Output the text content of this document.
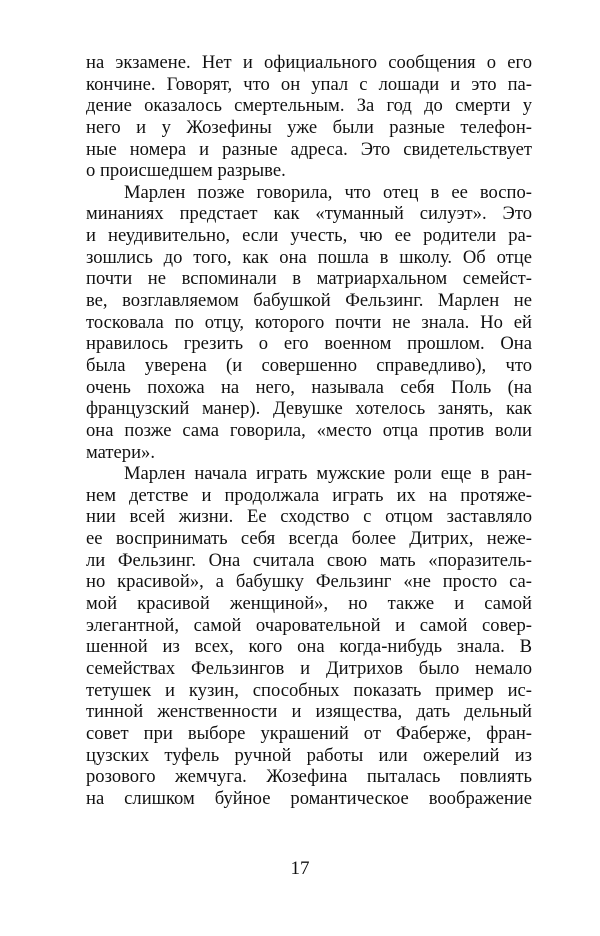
на экзамене. Нет и официального сообщения о его
кончине. Говорят, что он упал с лошади и это па-
дение оказалось смертельным. За год до смерти у
него и у Жозефины уже были разные телефон-
ные номера и разные адреса. Это свидетельствует
о происшедшем разрыве.
Марлен позже говорила, что отец в ее воспо-
минаниях предстает как «туманный силуэт». Это
и неудивительно, если учесть, чю ее родители ра-
зошлись до того, как она пошла в школу. Об отце
почти не вспоминали в матриархальном семейст-
ве, возглавляемом бабушкой Фельзинг. Марлен не
тосковала по отцу, которого почти не знала. Но ей
нравилось грезить о его военном прошлом. Она
была уверена (и совершенно справедливо), что
очень похожа на него, называла себя Поль (на
французский манер). Девушке хотелось занять, как
она позже сама говорила, «место отца против воли
матери».
Марлен начала играть мужские роли еще в ран-
нем детстве и продолжала играть их на протяже-
нии всей жизни. Ее сходство с отцом заставляло
ее воспринимать себя всегда более Дитрих, неже-
ли Фельзинг. Она считала свою мать «поразитель-
но красивой», а бабушку Фельзинг «не просто са-
мой красивой женщиной», но также и самой
элегантной, самой очаровательной и самой совер-
шенной из всех, кого она когда-нибудь знала. В
семействах Фельзингов и Дитрихов было немало
тетушек и кузин, способных показать пример ис-
тинной женственности и изящества, дать дельный
совет при выборе украшений от Фаберже, фран-
цузских туфель ручной работы или ожерелий из
розового жемчуга. Жозефина пыталась повлиять
на слишком буйное романтическое воображение
17
